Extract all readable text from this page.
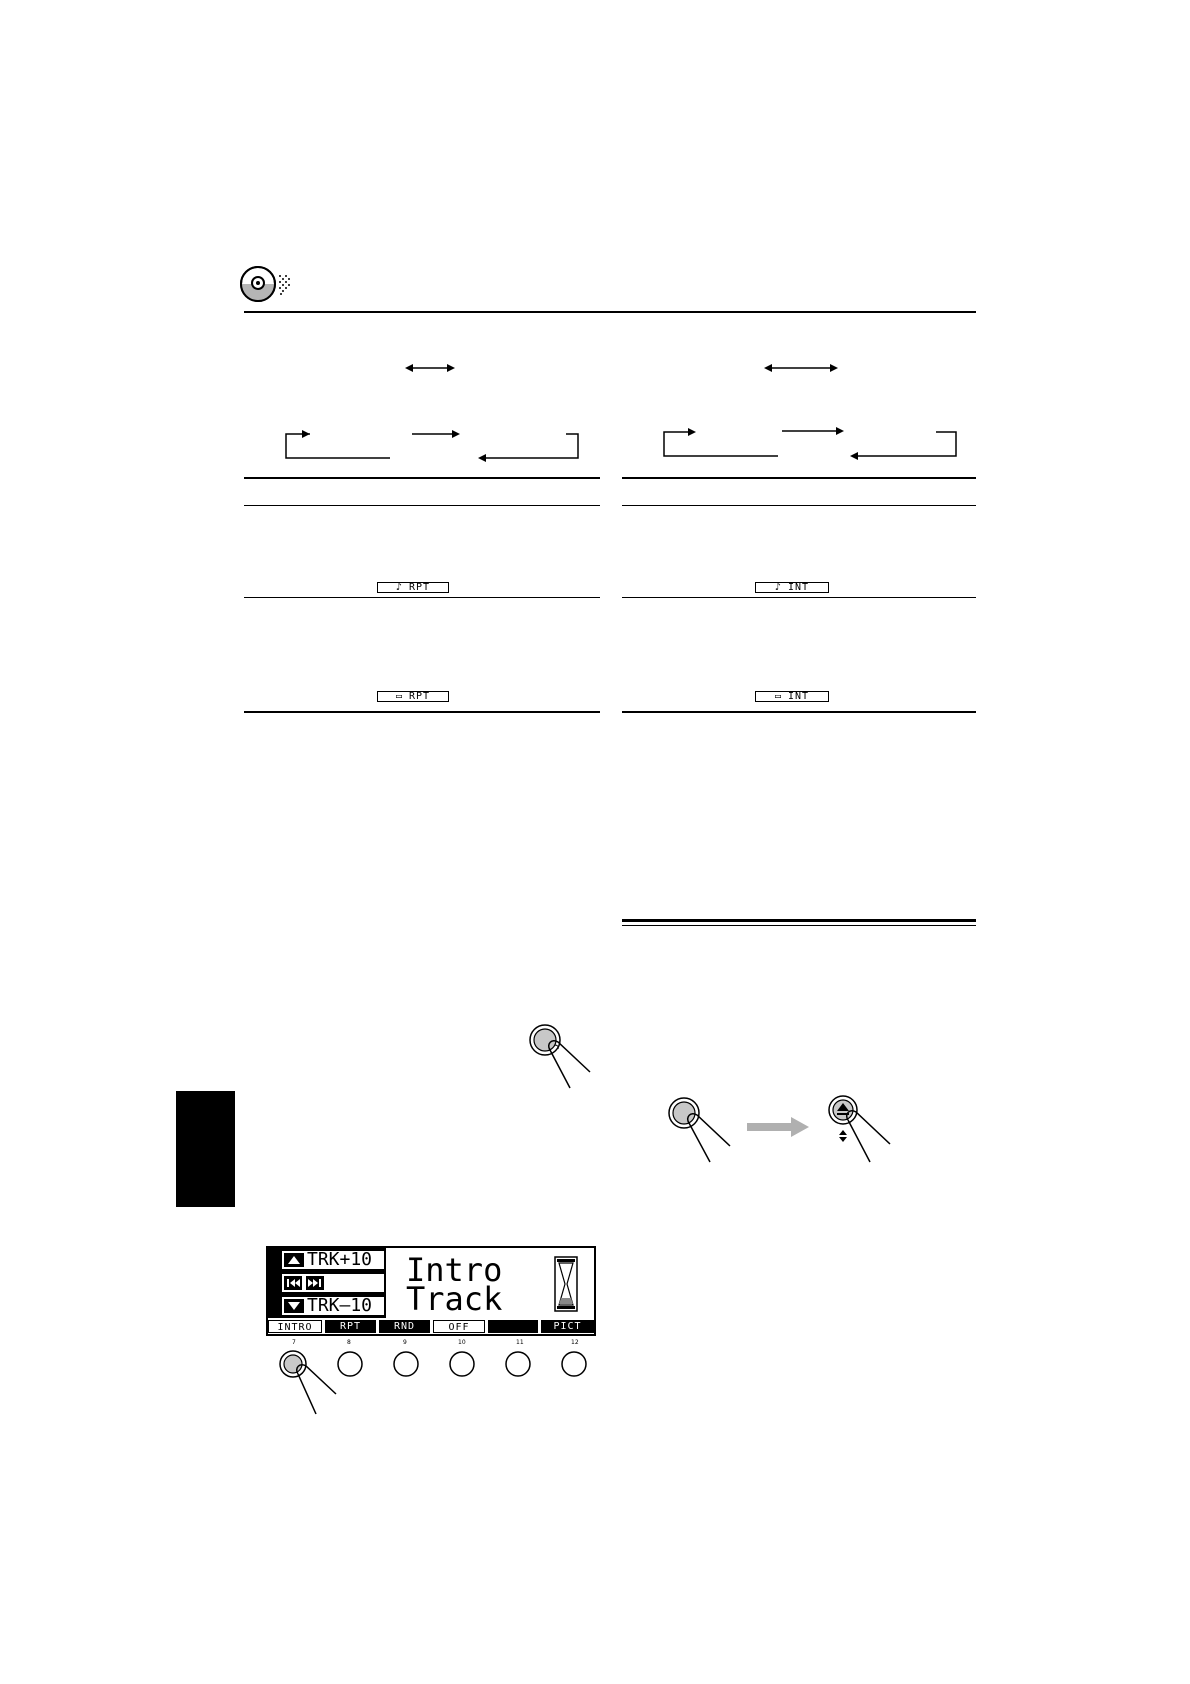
♪ RPT
▭ RPT
♪ INT
▭ INT
TRK+10
TRK–10
Intro
Track
INTRO	RPT	RND	OFF	PICT
7	8	9	10	11	12
